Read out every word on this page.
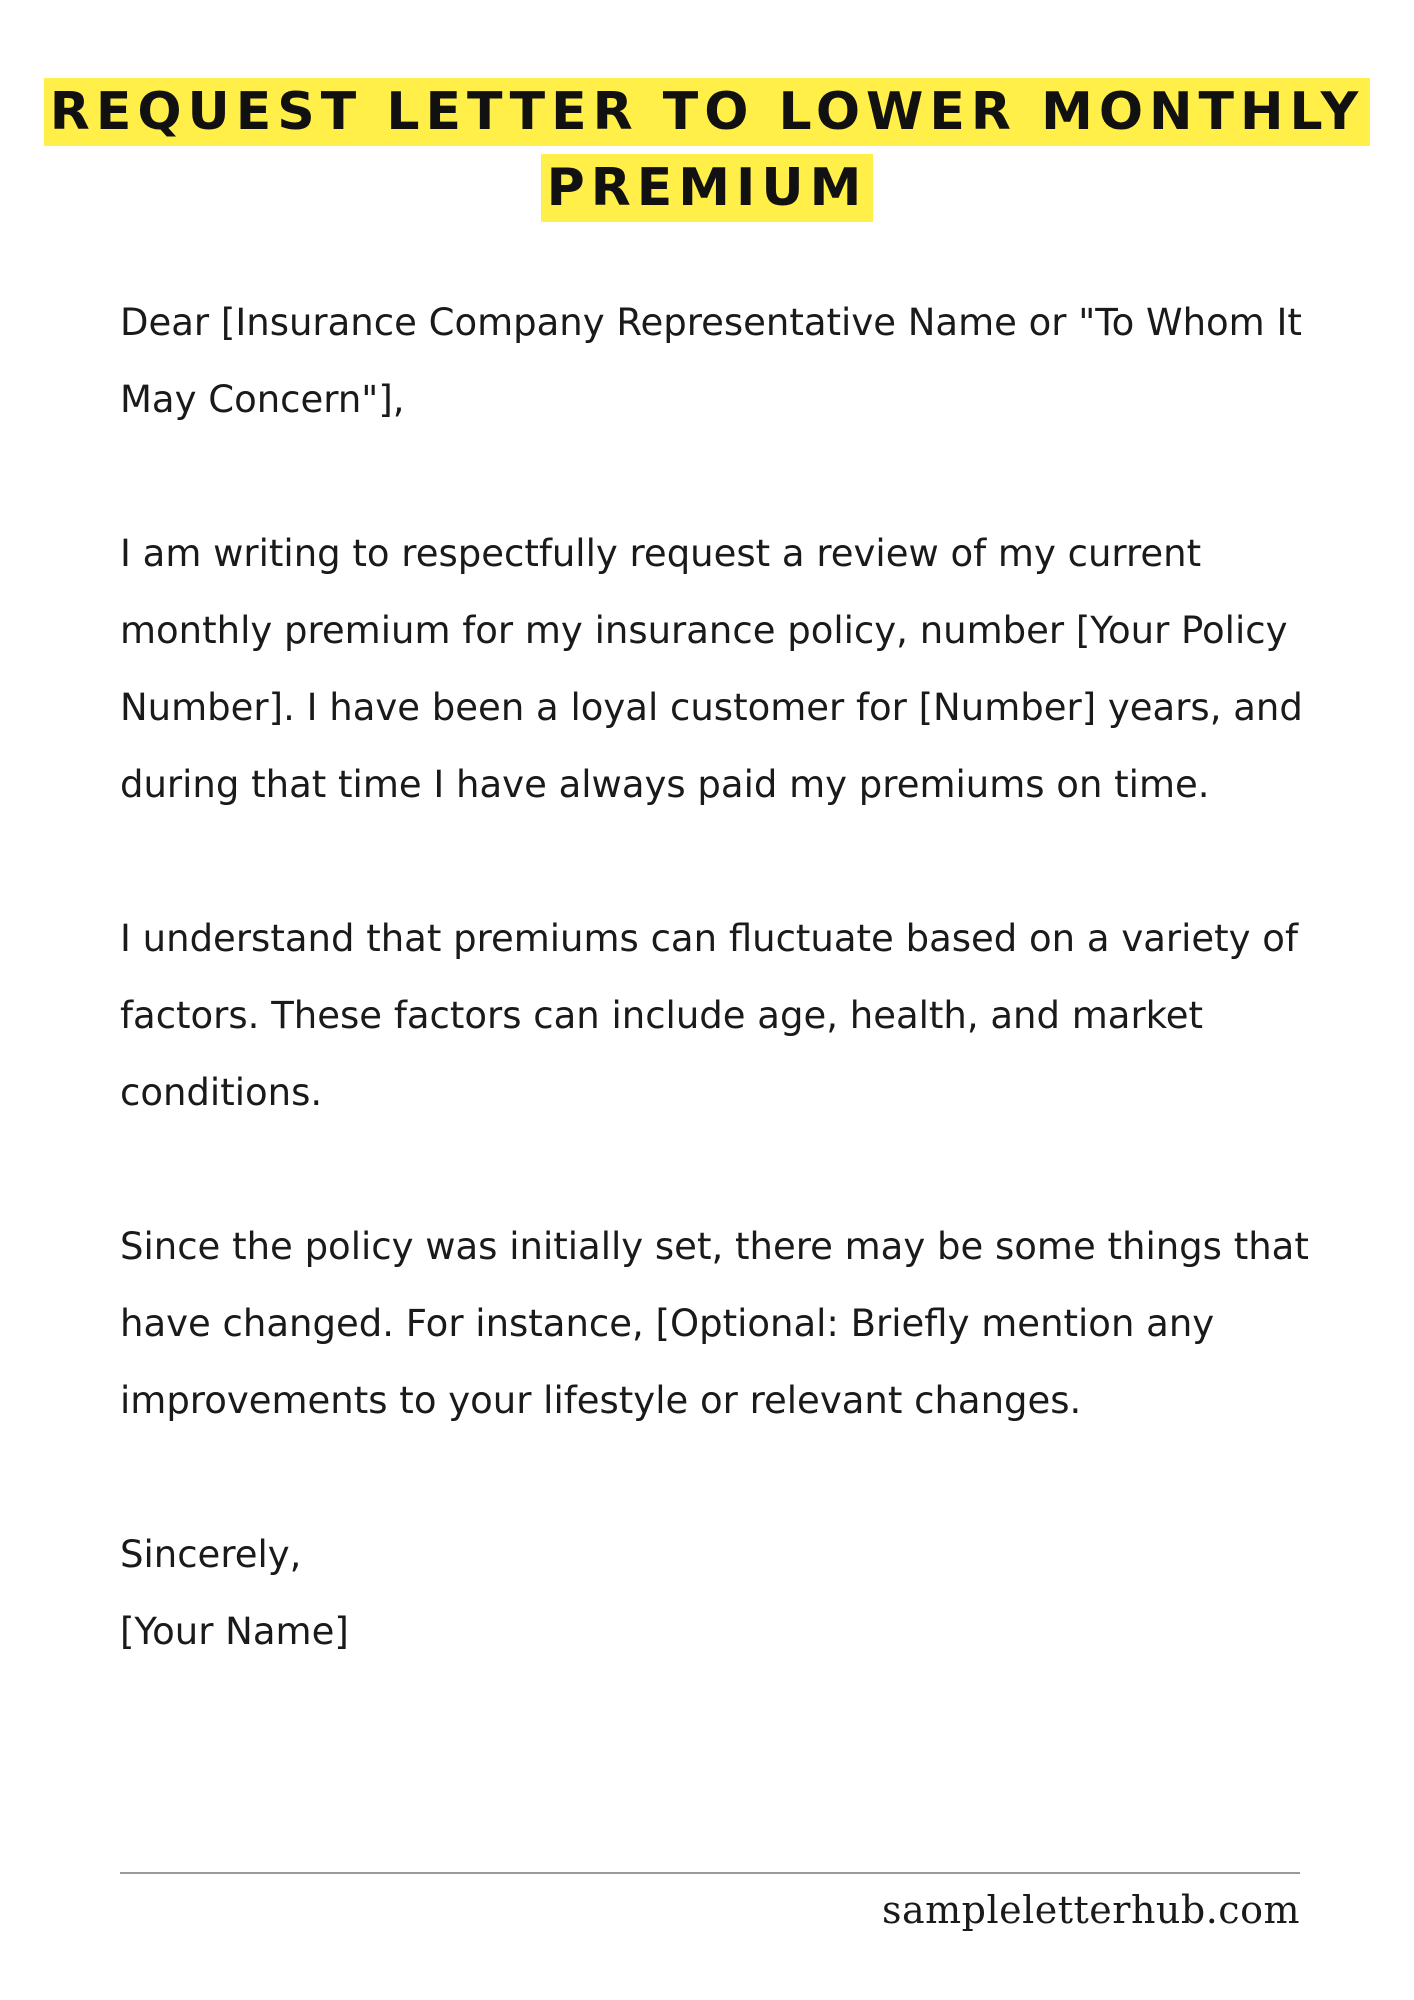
REQUEST LETTER TO LOWER MONTHLY PREMIUM

Dear [Insurance Company Representative Name or "To Whom It May Concern"],

I am writing to respectfully request a review of my current monthly premium for my insurance policy, number [Your Policy Number]. I have been a loyal customer for [Number] years, and during that time I have always paid my premiums on time.

I understand that premiums can fluctuate based on a variety of factors. These factors can include age, health, and market conditions.

Since the policy was initially set, there may be some things that have changed. For instance, [Optional: Briefly mention any improvements to your lifestyle or relevant changes.

Sincerely,

[Your Name]

sampleletterhub.com
